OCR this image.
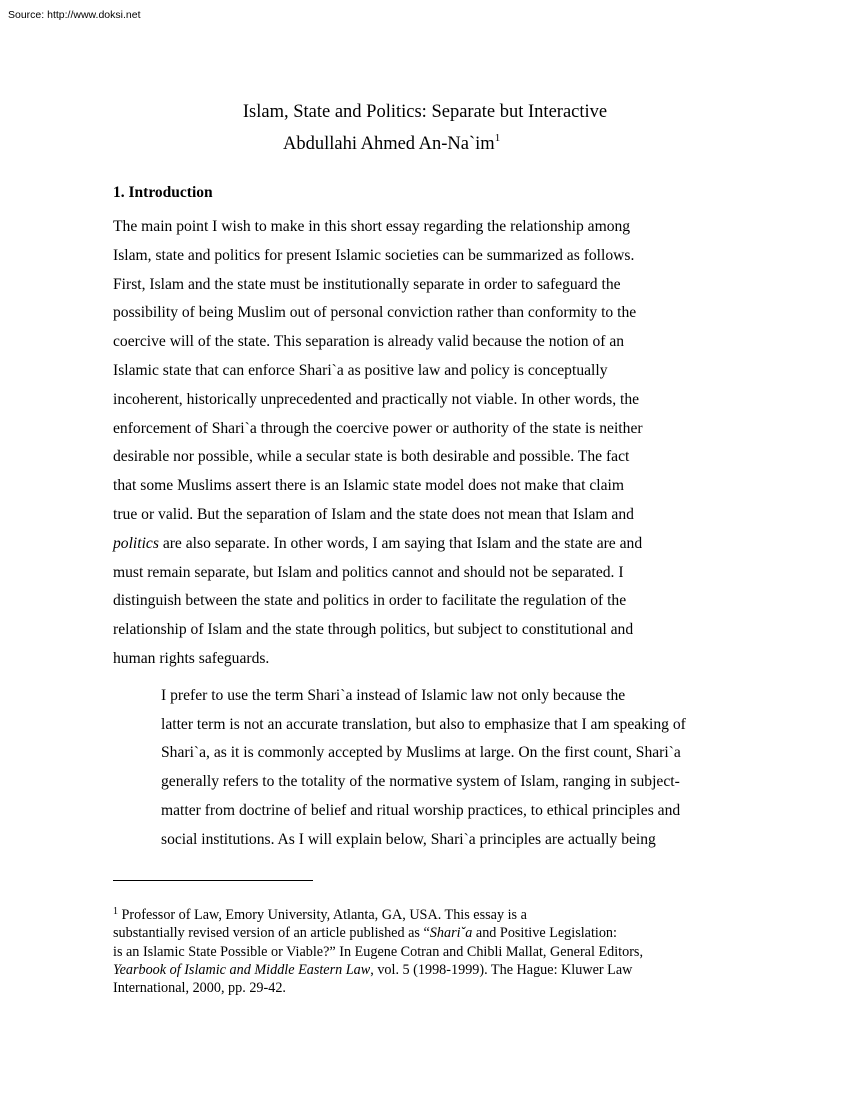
Source: http://www.doksi.net
Islam, State and Politics: Separate but Interactive
Abdullahi Ahmed $An-Na`im^1$
1. Introduction

The main point I wish to make in this short essay regarding the relationship among
Islam, state and politics for present Islamic societies can be summarized as follows.
First, Islam and the state must be institutionally separate in order to safeguard the
possibility of being Muslim out of personal conviction rather than conformity to the
coercive will of the state. This separation is already valid because the notion of an
Islamic state that can enforce Shari`a as positive law and policy is conceptually
incoherent, historically unprecedented and practically not viable. In other words, the
enforcement of Shari`a through the coercive power or authority of the state is neither
desirable nor possible, while a secular state is both desirable and possible. The fact
that some Muslims assert there is an Islamic state model does not make that claim
true or valid. But the separation of Islam and the state does not mean that Islam and
politics are also separate. In other words, I am saying that Islam and the state are and
must remain separate, but Islam and politics cannot and should not be separated. I
distinguish between the state and politics in order to facilitate the regulation of the
relationship of Islam and the state through politics, but subject to constitutional and
human rights safeguards.

I prefer to use the term Shari`a instead of Islamic law not only because the
latter term is not an accurate translation, but also to emphasize that I am speaking of
Shari`a, as it is commonly accepted by Muslims at large. On the first count, Shari`a
generally refers to the totality of the normative system of Islam, ranging in subject-
matter from doctrine of belief and ritual worship practices, to ethical principles and
social institutions. As I will explain below, Shari`a principles are actually being

$^1$ Professor of Law, Emory University, Atlanta, GA, USA. This essay is a
substantially revised version of an article published as “Shariˇa and Positive Legislation:
is an Islamic State Possible or Viable?” In Eugene Cotran and Chibli Mallat, General Editors,
Yearbook of Islamic and Middle Eastern Law, vol. 5 (1998-1999). The Hague: Kluwer Law
International, 2000, pp. 29-42.
